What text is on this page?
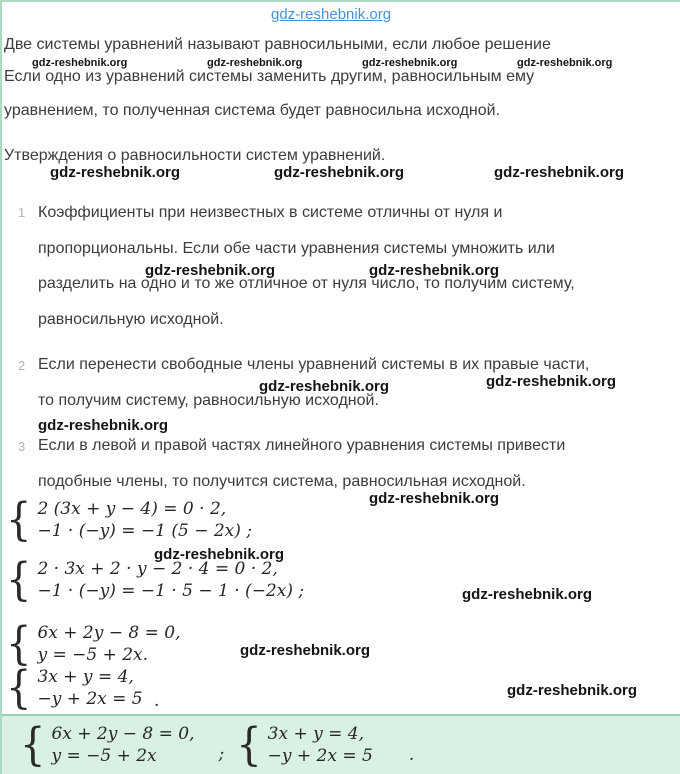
gdz-reshebnik.org
Две системы уравнений называют равносильными, если любое решение
gdz-reshebnik.org	gdz-reshebnik.org	gdz-reshebnik.org	gdz-reshebnik.org
Если одно из уравнений системы заменить другим, равносильным ему
уравнением, то полученная система будет равносильна исходной.
Утверждения о равносильности систем уравнений.
gdz-reshebnik.org	gdz-reshebnik.org	gdz-reshebnik.org
1 Коэффициенты при неизвестных в системе отличны от нуля и
пропорциональны. Если обе части уравнения системы умножить или
gdz-reshebnik.org	gdz-reshebnik.org
разделить на одно и то же отличное от нуля число, то получим систему,
равносильную исходной.
2 Если перенести свободные члены уравнений системы в их правые части,
gdz-reshebnik.org
gdz-reshebnik.org
то получим систему, равносильную исходной.
gdz-reshebnik.org
3 Если в левой и правой частях линейного уравнения системы привести
подобные члены, то получится система, равносильная исходной.
gdz-reshebnik.org
{ 2 (3x + y − 4) = 0 · 2,
−1 · (−y) = −1 (5 − 2x) ;
gdz-reshebnik.org
{ 2 · 3x + 2 · y − 2 · 4 = 0 · 2,
−1 · (−y) = −1 · 5 − 1 · (−2x) ;	gdz-reshebnik.org
{ 6x + 2y − 8 = 0,
y = −5 + 2x.	gdz-reshebnik.org
{ 3x + y = 4,
−y + 2x = 5 .
gdz-reshebnik.org
{ 6x + 2y − 8 = 0,
y = −5 + 2x	; { 3x + y = 4,
−y + 2x = 5 .
